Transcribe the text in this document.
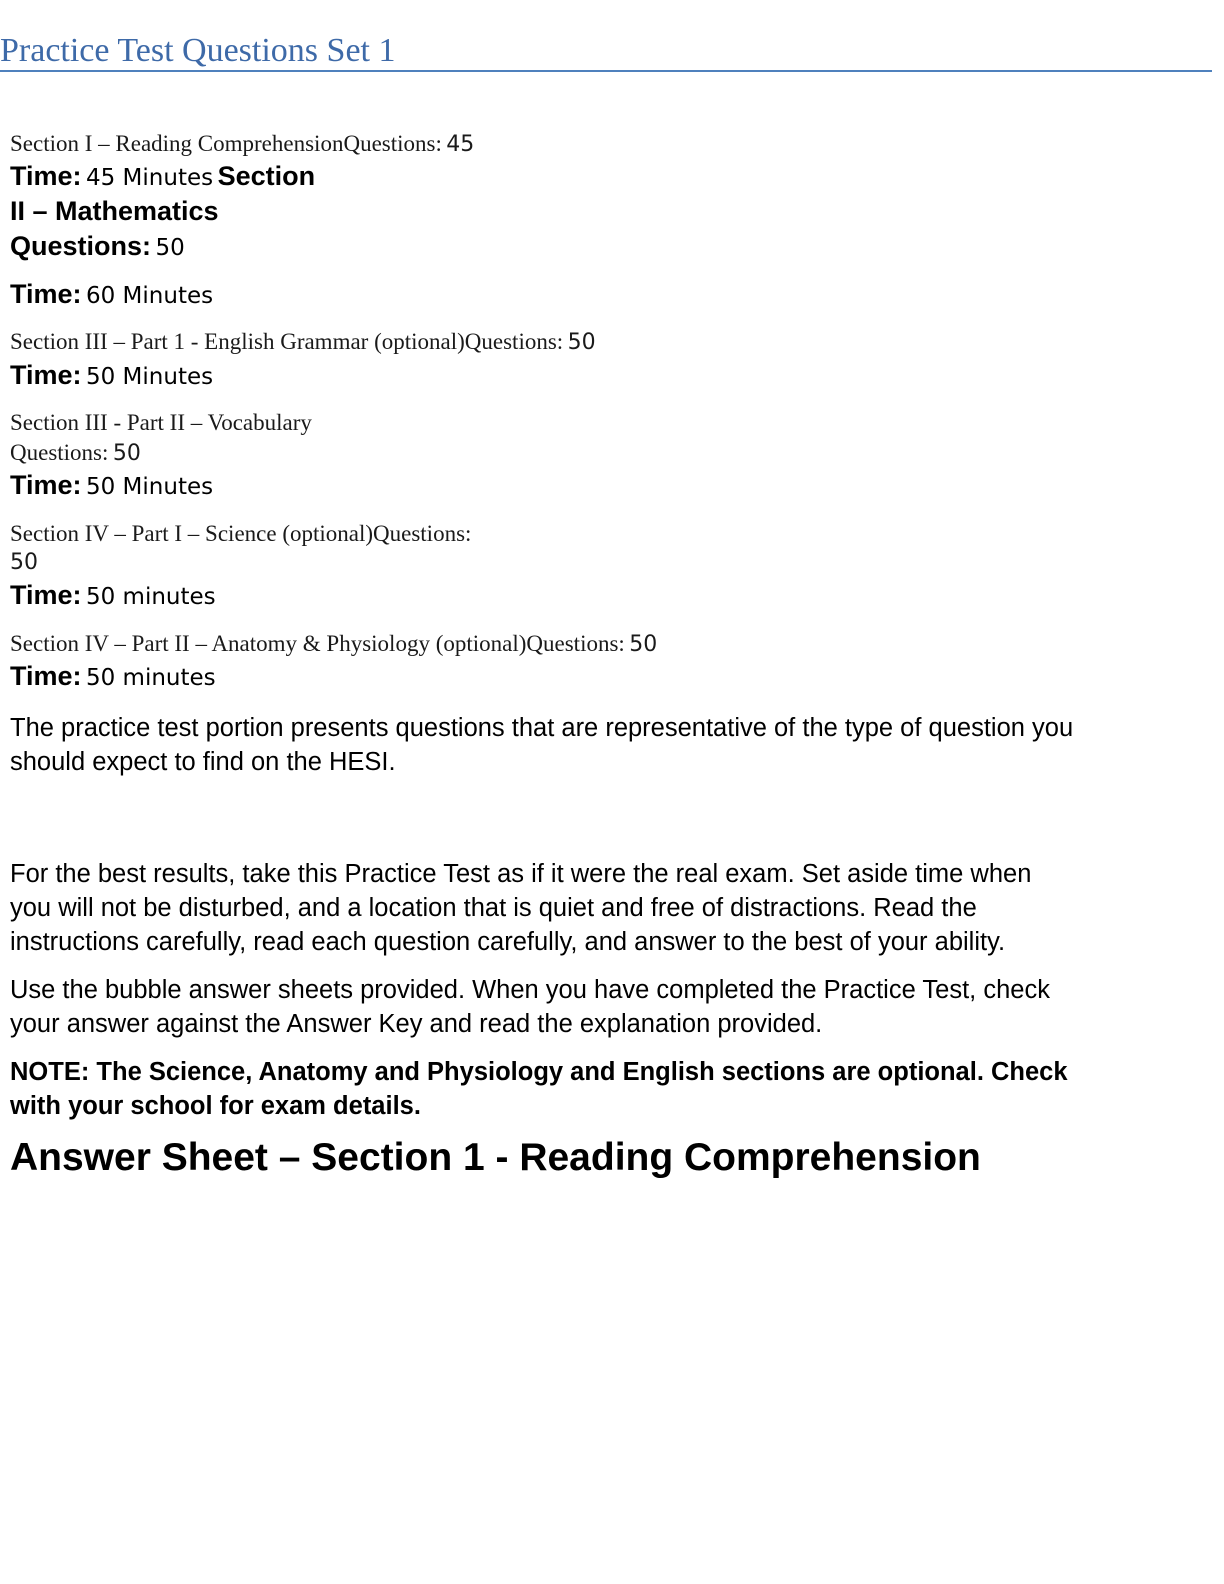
Practice Test Questions Set 1
Section I – Reading ComprehensionQuestions: 45
Time: 45 Minutes Section
II – Mathematics
Questions: 50
Time: 60 Minutes
Section III – Part 1 - English Grammar (optional)Questions: 50
Time: 50 Minutes
Section III - Part II – Vocabulary
Questions: 50
Time: 50 Minutes
Section IV – Part I – Science (optional)Questions:
50
Time: 50 minutes
Section IV – Part II – Anatomy & Physiology (optional)Questions: 50
Time: 50 minutes
The practice test portion presents questions that are representative of the type of question you
should expect to find on the HESI.
For the best results, take this Practice Test as if it were the real exam. Set aside time when
you will not be disturbed, and a location that is quiet and free of distractions. Read the
instructions carefully, read each question carefully, and answer to the best of your ability.
Use the bubble answer sheets provided. When you have completed the Practice Test, check
your answer against the Answer Key and read the explanation provided.
NOTE: The Science, Anatomy and Physiology and English sections are optional. Check
with your school for exam details.
Answer Sheet – Section 1 - Reading Comprehension
